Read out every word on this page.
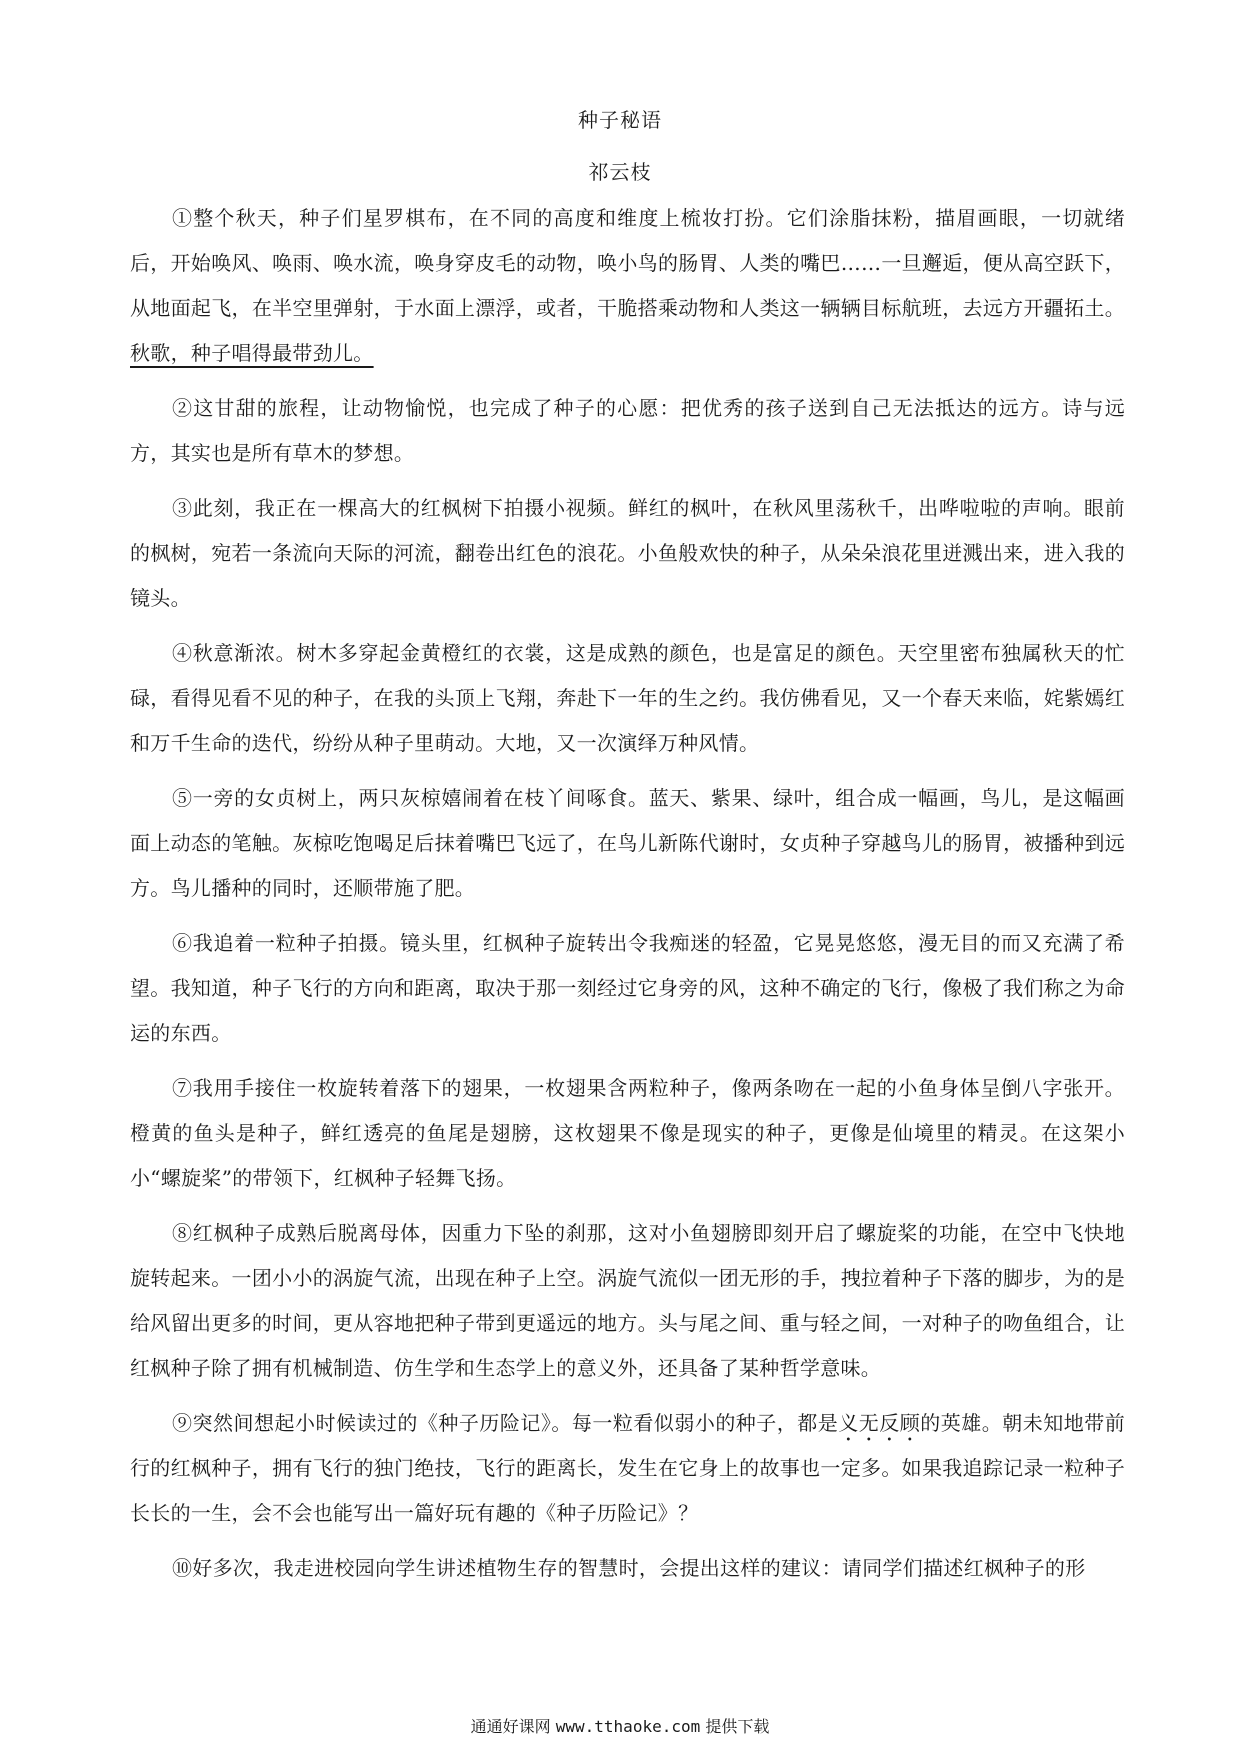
种子秘语
祁云枝

①整个秋天，种子们星罗棋布，在不同的高度和维度上梳妆打扮。它们涂脂抹粉，描眉画眼，一切就绪后，开始唤风、唤雨、唤水流，唤身穿皮毛的动物，唤小鸟的肠胃、人类的嘴巴……一旦邂逅，便从高空跃下，从地面起飞，在半空里弹射，于水面上漂浮，或者，干脆搭乘动物和人类这一辆辆目标航班，去远方开疆拓土。秋歌，种子唱得最带劲儿。

②这甘甜的旅程，让动物愉悦，也完成了种子的心愿：把优秀的孩子送到自己无法抵达的远方。诗与远方，其实也是所有草木的梦想。

③此刻，我正在一棵高大的红枫树下拍摄小视频。鲜红的枫叶，在秋风里荡秋千，出哗啦啦的声响。眼前的枫树，宛若一条流向天际的河流，翻卷出红色的浪花。小鱼般欢快的种子，从朵朵浪花里迸溅出来，进入我的镜头。

④秋意渐浓。树木多穿起金黄橙红的衣裳，这是成熟的颜色，也是富足的颜色。天空里密布独属秋天的忙碌，看得见看不见的种子，在我的头顶上飞翔，奔赴下一年的生之约。我仿佛看见，又一个春天来临，姹紫嫣红和万千生命的迭代，纷纷从种子里萌动。大地，又一次演绎万种风情。

⑤一旁的女贞树上，两只灰椋嬉闹着在枝丫间啄食。蓝天、紫果、绿叶，组合成一幅画，鸟儿，是这幅画面上动态的笔触。灰椋吃饱喝足后抹着嘴巴飞远了，在鸟儿新陈代谢时，女贞种子穿越鸟儿的肠胃，被播种到远方。鸟儿播种的同时，还顺带施了肥。

⑥我追着一粒种子拍摄。镜头里，红枫种子旋转出令我痴迷的轻盈，它晃晃悠悠，漫无目的而又充满了希望。我知道，种子飞行的方向和距离，取决于那一刻经过它身旁的风，这种不确定的飞行，像极了我们称之为命运的东西。

⑦我用手接住一枚旋转着落下的翅果，一枚翅果含两粒种子，像两条吻在一起的小鱼身体呈倒八字张开。橙黄的鱼头是种子，鲜红透亮的鱼尾是翅膀，这枚翅果不像是现实的种子，更像是仙境里的精灵。在这架小小“螺旋桨”的带领下，红枫种子轻舞飞扬。

⑧红枫种子成熟后脱离母体，因重力下坠的刹那，这对小鱼翅膀即刻开启了螺旋桨的功能，在空中飞快地旋转起来。一团小小的涡旋气流，出现在种子上空。涡旋气流似一团无形的手，拽拉着种子下落的脚步，为的是给风留出更多的时间，更从容地把种子带到更遥远的地方。头与尾之间、重与轻之间，一对种子的吻鱼组合，让红枫种子除了拥有机械制造、仿生学和生态学上的意义外，还具备了某种哲学意味。

⑨突然间想起小时候读过的《种子历险记》。每一粒看似弱小的种子，都是义无反顾的英雄。朝未知地带前行的红枫种子，拥有飞行的独门绝技，飞行的距离长，发生在它身上的故事也一定多。如果我追踪记录一粒种子长长的一生，会不会也能写出一篇好玩有趣的《种子历险记》？

⑩好多次，我走进校园向学生讲述植物生存的智慧时，会提出这样的建议：请同学们描述红枫种子的形

通通好课网 www.tthaoke.com 提供下载
